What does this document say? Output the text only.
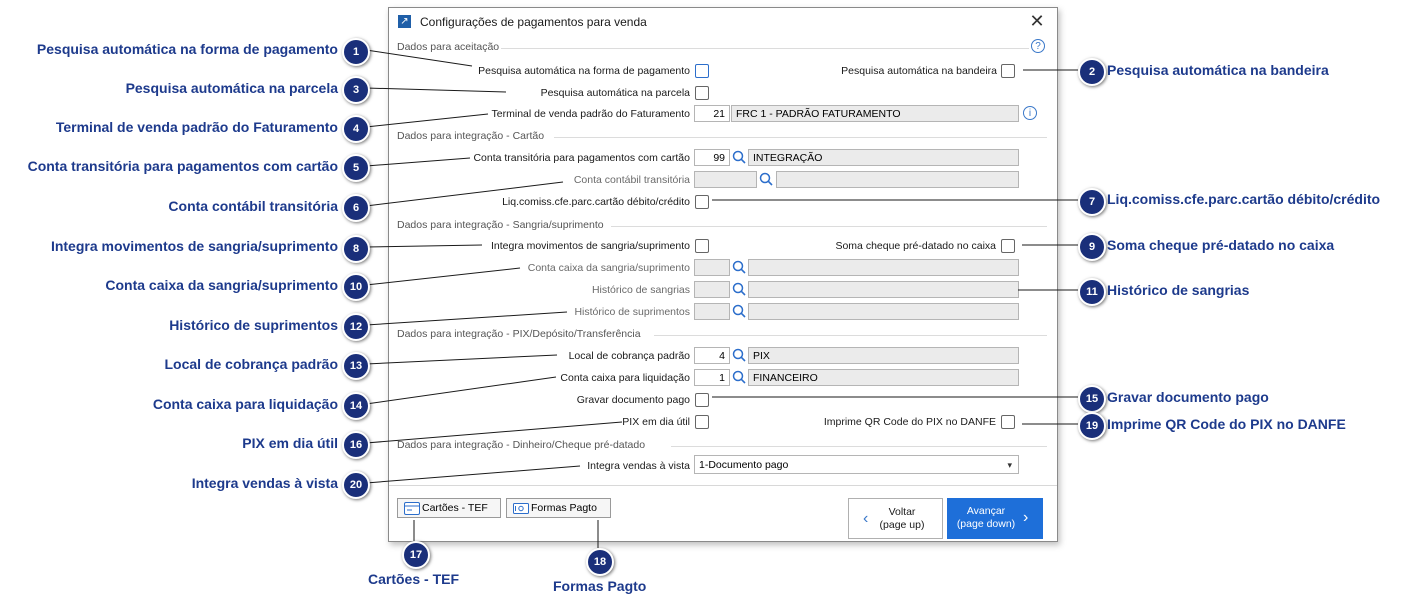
↗ Configurações de pagamentos para venda	✕
Dados para aceitação	?
Pesquisa automática na forma de pagamento	Pesquisa automática na bandeira
Pesquisa automática na parcela
Terminal de venda padrão do Faturamento	21	FRC 1 - PADRÃO FATURAMENTO	i
Dados para integração - Cartão
Conta transitória para pagamentos com cartão	99	INTEGRAÇÃO
Conta contábil transitória
Liq.comiss.cfe.parc.cartão débito/crédito
Dados para integração - Sangria/suprimento
Integra movimentos de sangria/suprimento	Soma cheque pré-datado no caixa
Conta caixa da sangria/suprimento
Histórico de sangrias
Histórico de suprimentos
Dados para integração - PIX/Depósito/Transferência
Local de cobrança padrão	4	PIX
Conta caixa para liquidação	1	FINANCEIRO
Gravar documento pago
PIX em dia útil	Imprime QR Code do PIX no DANFE
Dados para integração - Dinheiro/Cheque pré-datado
Integra vendas à vista 1-Documento pago	▾
Cartões - TEF	Formas Pagto
‹	Voltar
(page up)
Avançar
(page down) ›
1
Pesquisa automática na forma de pagamento
3
Pesquisa automática na parcela
4
Terminal de venda padrão do Faturamento
5
Conta transitória para pagamentos com cartão
6
Conta contábil transitória
8
Integra movimentos de sangria/suprimento
10
Conta caixa da sangria/suprimento
12
Histórico de suprimentos
13
Local de cobrança padrão
14
Conta caixa para liquidação
16
PIX em dia útil
20
Integra vendas à vista
2 Pesquisa automática na bandeira
7 Liq.comiss.cfe.parc.cartão débito/crédito
9 Soma cheque pré-datado no caixa
11 Histórico de sangrias
15 Gravar documento pago
19 Imprime QR Code do PIX no DANFE
17
Cartões - TEF
18
Formas Pagto
